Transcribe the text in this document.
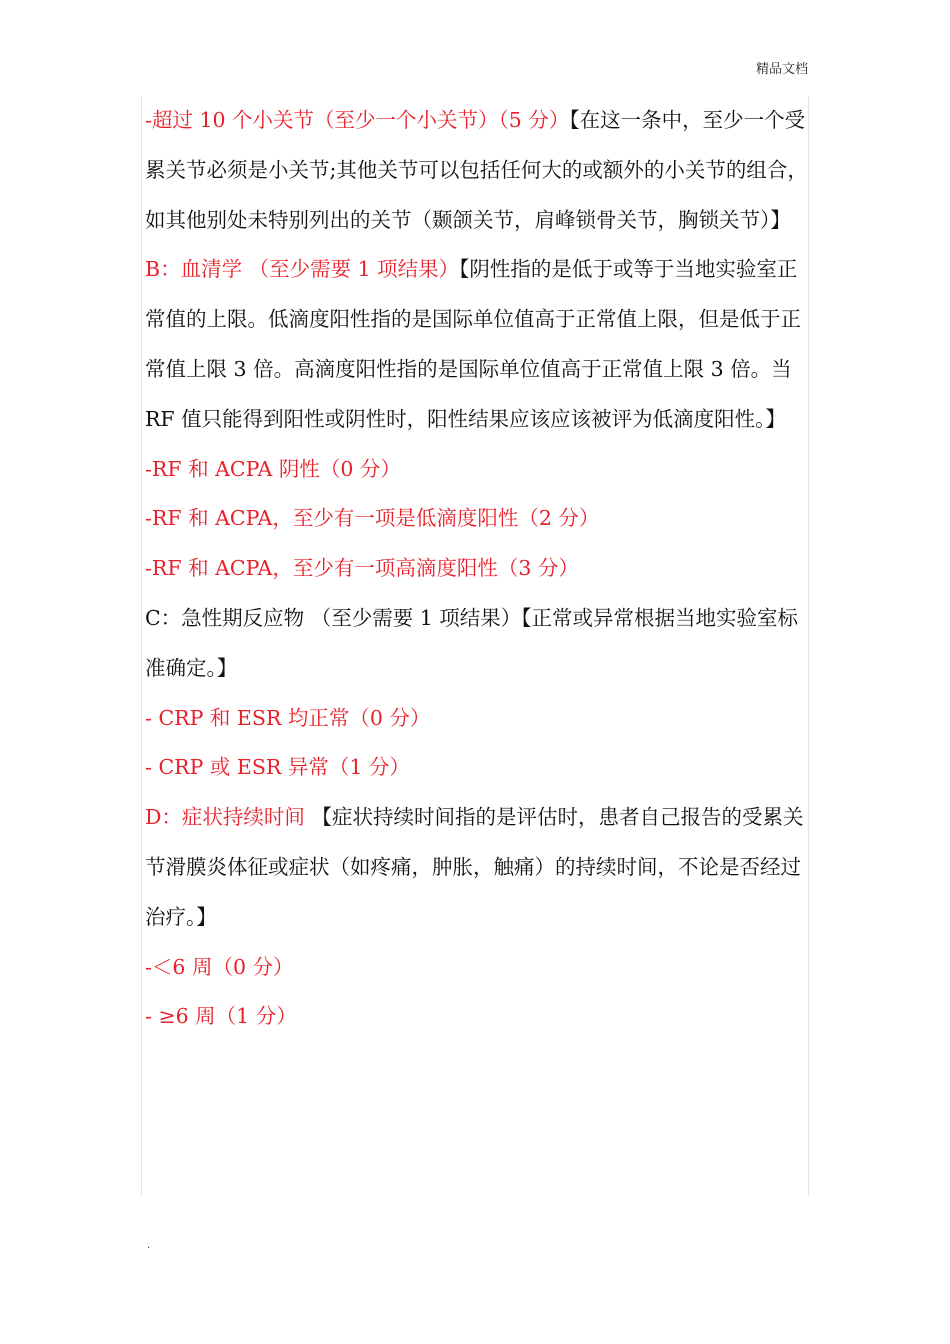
精品文档

-超过 10 个小关节（至少一个小关节）（5 分）【在这一条中，至少一个受累关节必须是小关节;其他关节可以包括任何大的或额外的小关节的组合，如其他别处未特别列出的关节（颞颌关节，肩峰锁骨关节，胸锁关节）】

B：血清学 （至少需要 1 项结果）【阴性指的是低于或等于当地实验室正常值的上限。低滴度阳性指的是国际单位值高于正常值上限，但是低于正常值上限 3 倍。高滴度阳性指的是国际单位值高于正常值上限 3 倍。当 RF 值只能得到阳性或阴性时，阳性结果应该应该被评为低滴度阳性。】

-RF 和 ACPA 阴性（0 分）

-RF 和 ACPA，至少有一项是低滴度阳性（2 分）

-RF 和 ACPA，至少有一项高滴度阳性（3 分）

C：急性期反应物 （至少需要 1 项结果）【正常或异常根据当地实验室标准确定。】

- CRP 和 ESR 均正常（0 分）

- CRP 或 ESR 异常（1 分）

D：症状持续时间 【症状持续时间指的是评估时，患者自己报告的受累关节滑膜炎体征或症状（如疼痛，肿胀，触痛）的持续时间，不论是否经过治疗。】

-＜6 周（0 分）

- ≥6 周（1 分）

.
